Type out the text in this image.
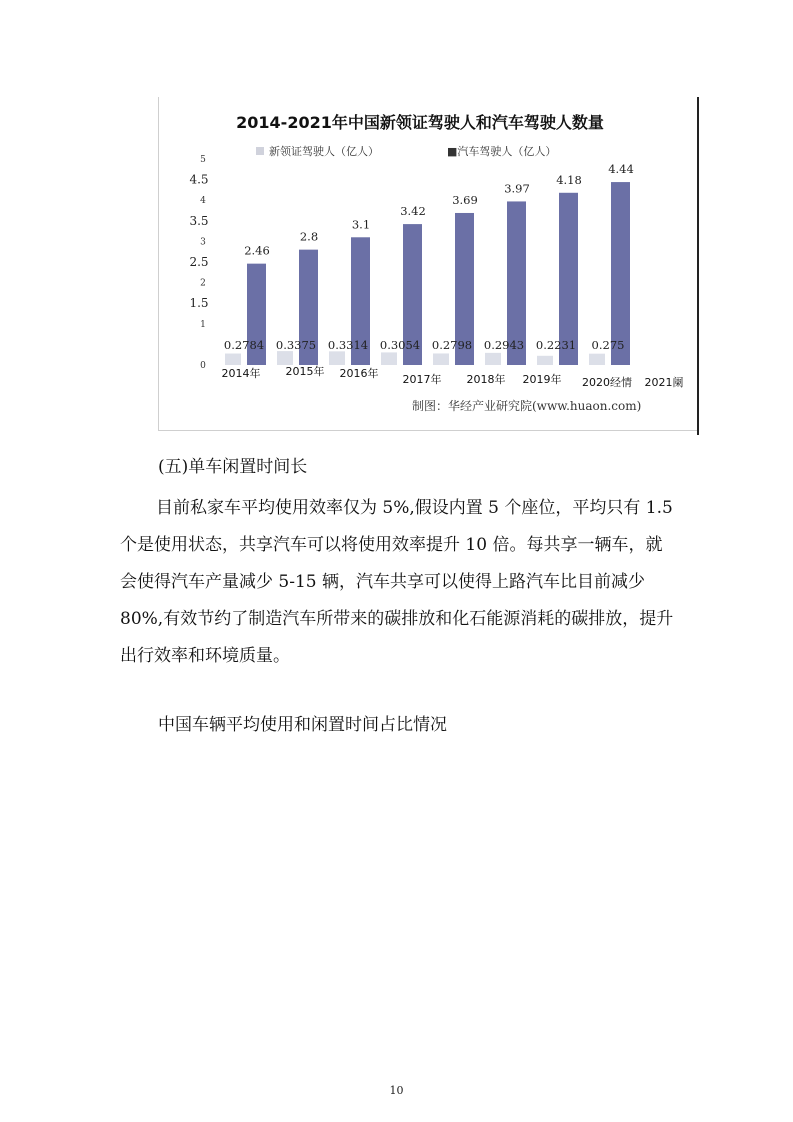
2014-2021年中国新领证驾驶人和汽车驾驶人数量
新领证驾驶人（亿人）	■汽车驾驶人（亿人）
5
4
3
2
1
0
4.5
3.5
2.5
1.5
2.46
0.2784
2.8
0.3375
3.1
0.3314
3.42
0.3054
3.69
0.2798
3.97
0.2943
4.18
0.2231
4.44
0.275
2014年 2015年 2016年 2017年 2018年 2019年 2020经情 2021阑
制图：华经产业研究院(www.huaon.com)

(五)单车闲置时间长

目前私家车平均使用效率仅为 5%,假设内置 5 个座位，平均只有 1.5 个是使用状态，共享汽车可以将使用效率提升 10 倍。每共享一辆车，就会使得汽车产量减少 5-15 辆，汽车共享可以使得上路汽车比目前减少 80%,有效节约了制造汽车所带来的碳排放和化石能源消耗的碳排放，提升出行效率和环境质量。

中国车辆平均使用和闲置时间占比情况

10
